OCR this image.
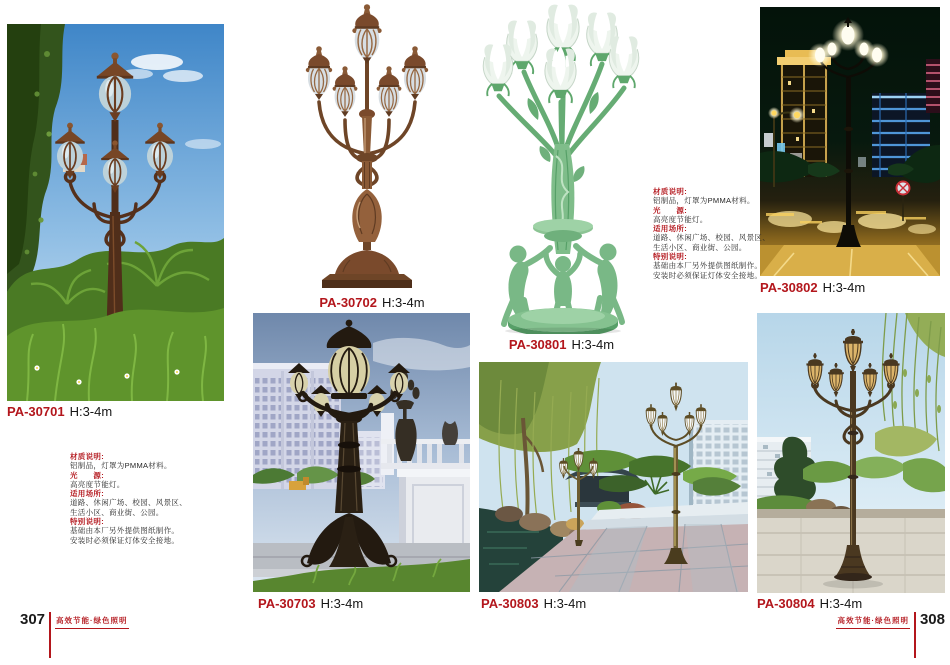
PA-30701 H:3-4m
PA-30702 H:3-4m
PA-30801 H:3-4m
PA-30802 H:3-4m
PA-30703 H:3-4m	PA-30803 H:3-4m	PA-30804 H:3-4m
材质说明:
铝制品，灯罩为PMMA材料。
光　　源:
高亮度节能灯。
适用场所:
道路、休闲广场、校园、风景区、
生活小区、商业街、公园。
特别说明:
基础由本厂另外提供图纸制作。
安装时必须保证灯体安全接地。
材质说明:
铝制品，灯罩为PMMA材料。
光　　源:
高亮度节能灯。
适用场所:
道路、休闲广场、校园、风景区、
生活小区、商业街、公园。
特别说明:
基础由本厂另外提供图纸制作。
安装时必须保证灯体安全接地。
307 高效节能·绿色照明	高效节能·绿色照明 308
